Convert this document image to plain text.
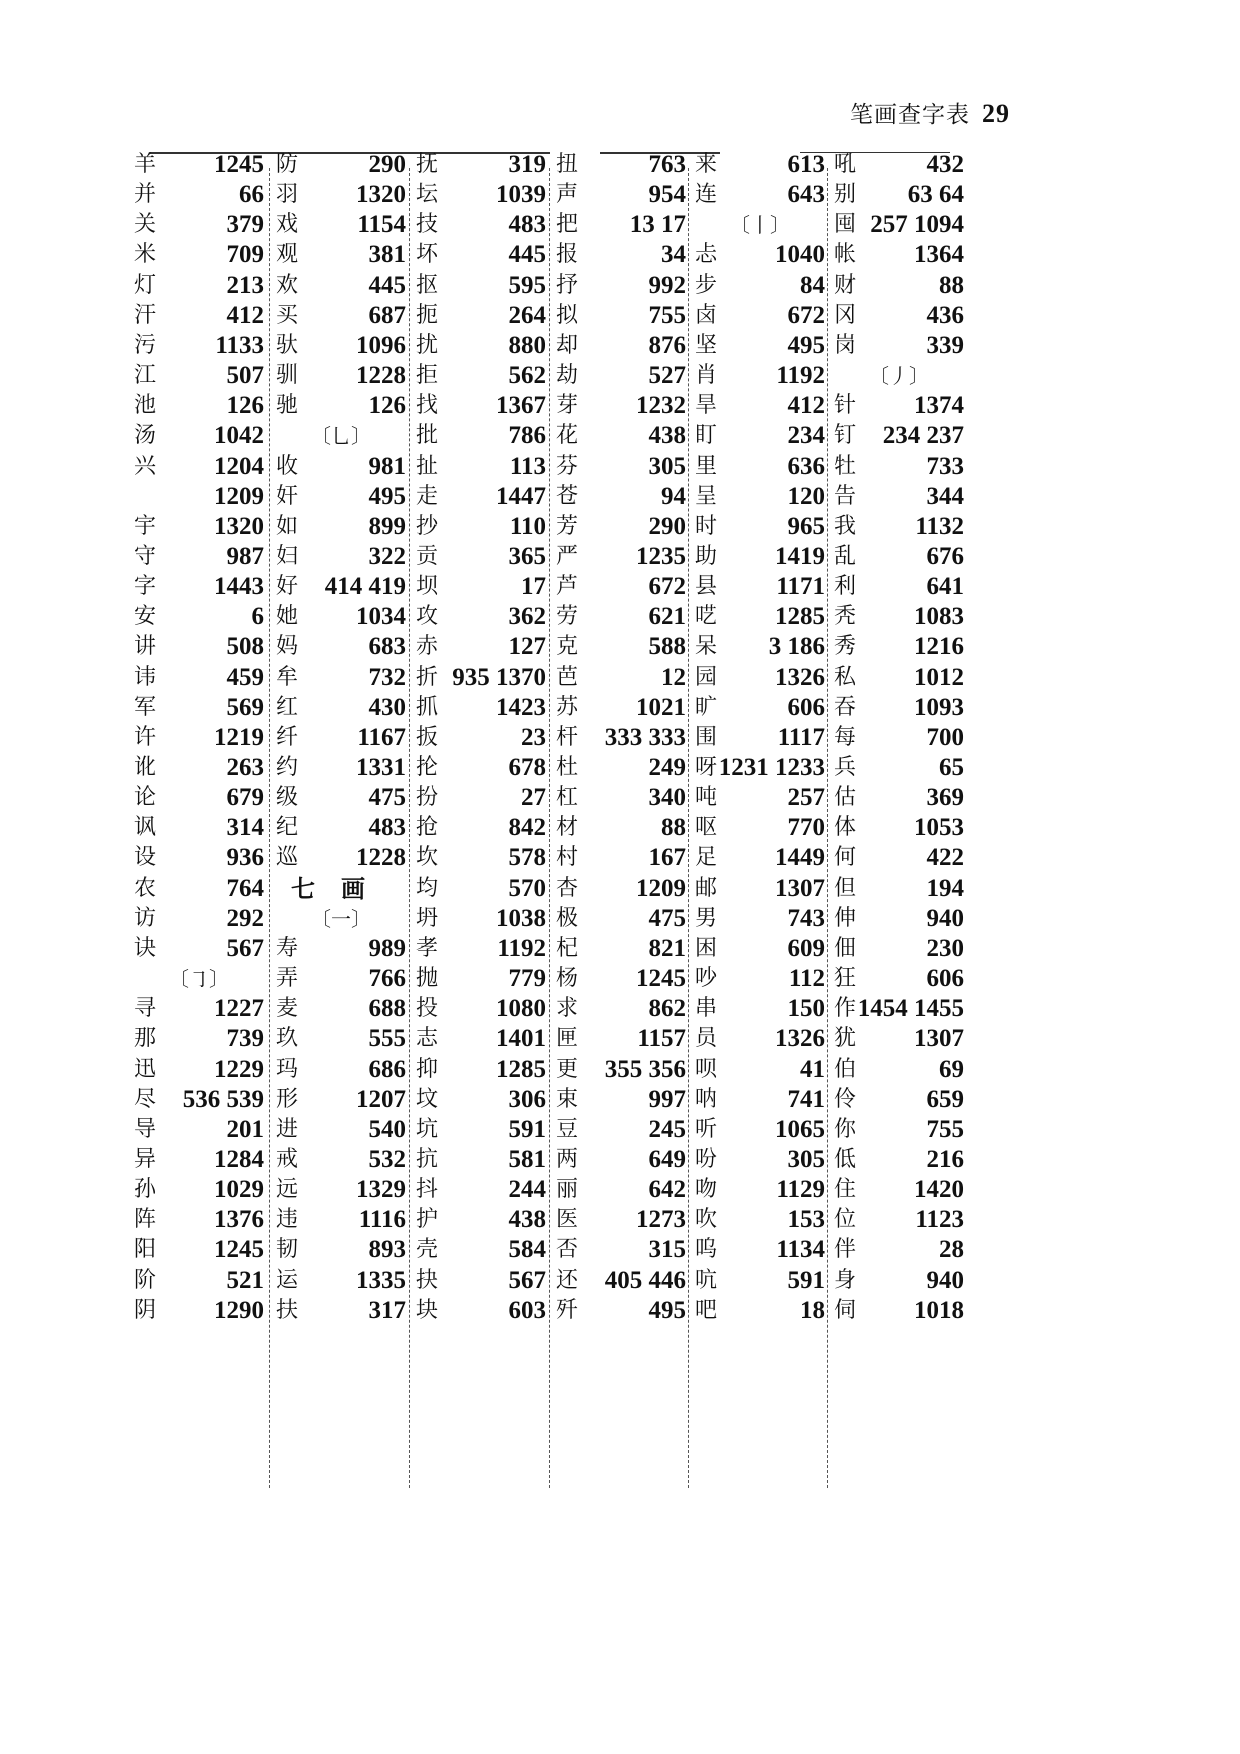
笔画查字表 29
羊	1245
并	66
关	379
米	709
灯	213
汗	412
污	1133
江	507
池	126
汤	1042
兴	1204
1209
宇	1320
守	987
字	1443
安	6
讲	508
讳	459
军	569
许	1219
讹	263
论	679
讽	314
设	936
农	764
访	292
诀	567
〔㇆〕
寻	1227
那	739
迅	1229
尽	536 539
导	201
异	1284
孙	1029
阵	1376
阳	1245
阶	521
阴	1290
防	290
羽	1320
戏	1154
观	381
欢	445
买	687
驮	1096
驯	1228
驰	126
〔乚〕
收	981
奸	495
如	899
妇	322
好	414 419
她	1034
妈	683
牟	732
红	430
纤	1167
约	1331
级	475
纪	483
巡	1228
七画
〔一〕
寿	989
弄	766
麦	688
玖	555
玛	686
形	1207
进	540
戒	532
远	1329
违	1116
韧	893
运	1335
扶	317
抚	319
坛	1039
技	483
坏	445
抠	595
扼	264
扰	880
拒	562
找	1367
批	786
扯	113
走	1447
抄	110
贡	365
坝	17
攻	362
赤	127
折 935 1370
抓	1423
扳	23
抡	678
扮	27
抢	842
坎	578
均	570
坍	1038
孝	1192
抛	779
投	1080
志	1401
抑	1285
坟	306
坑	591
抗	581
抖	244
护	438
壳	584
抉	567
块	603
扭	763
声	954
把	13 17
报	34
抒	992
拟	755
却	876
劫	527
芽	1232
花	438
芬	305
苍	94
芳	290
严	1235
芦	672
劳	621
克	588
芭	12
苏	1021
杆	333 333
杜	249
杠	340
材	88
村	167
杏	1209
极	475
杞	821
杨	1245
求	862
匣	1157
更	355 356
束	997
豆	245
两	649
丽	642
医	1273
否	315
还	405 446
歼	495
来	613
连	643
〔丨〕
忐	1040
步	84
卤	672
坚	495
肖	1192
旱	412
盯	234
里	636
呈	120
时	965
助	1419
县	1171
呓	1285
呆	3 186
园	1326
旷	606
围	1117
呀 1231 1233
吨	257
呕	770
足	1449
邮	1307
男	743
困	609
吵	112
串	150
员	1326
呗	41
呐	741
听	1065
吩	305
吻	1129
吹	153
呜	1134
吭	591
吧	18
吼	432
别	63 64
囤 257 1094
帐	1364
财	88
冈	436
岗	339
〔丿〕
针	1374
钉	234 237
牡	733
告	344
我	1132
乱	676
利	641
秃	1083
秀	1216
私	1012
吞	1093
每	700
兵	65
估	369
体	1053
何	422
但	194
伸	940
佃	230
狂	606
作 1454 1455
犹	1307
伯	69
伶	659
你	755
低	216
住	1420
位	1123
伴	28
身	940
伺	1018
